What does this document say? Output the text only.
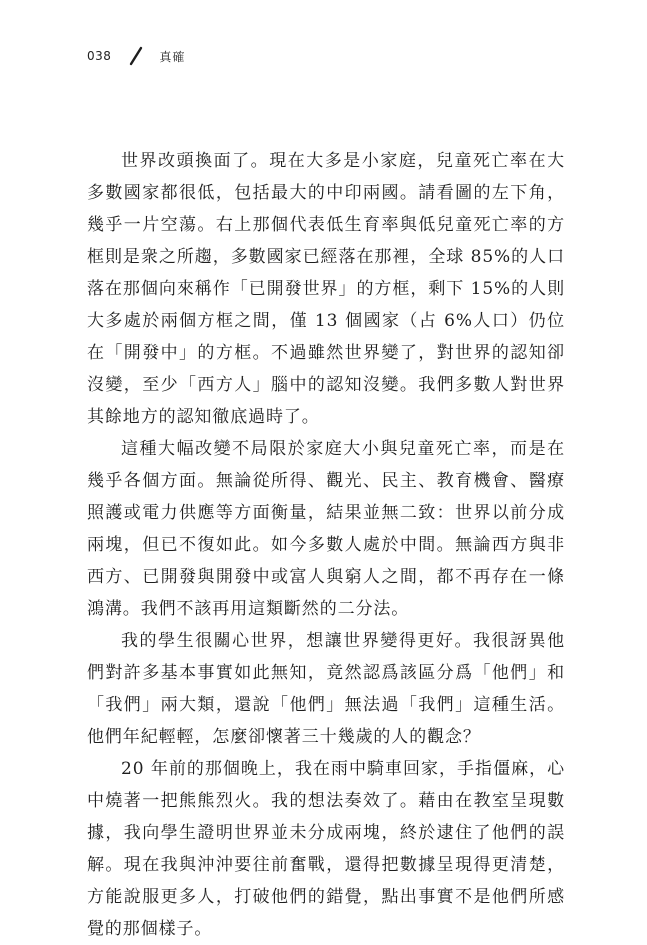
038	真確

世界改頭換面了。現在大多是小家庭，兒童死亡率在大多數國家都很低，包括最大的中印兩國。請看圖的左下角，幾乎一片空蕩。右上那個代表低生育率與低兒童死亡率的方框則是衆之所趨，多數國家已經落在那裡，全球 85%的人口落在那個向來稱作「已開發世界」的方框，剩下 15%的人則大多處於兩個方框之間，僅 13 個國家（占 6%人口）仍位在「開發中」的方框。不過雖然世界變了，對世界的認知卻沒變，至少「西方人」腦中的認知沒變。我們多數人對世界其餘地方的認知徹底過時了。

這種大幅改變不局限於家庭大小與兒童死亡率，而是在幾乎各個方面。無論從所得、觀光、民主、教育機會、醫療照護或電力供應等方面衡量，結果並無二致：世界以前分成兩塊，但已不復如此。如今多數人處於中間。無論西方與非西方、已開發與開發中或富人與窮人之間，都不再存在一條鴻溝。我們不該再用這類斷然的二分法。

我的學生很關心世界，想讓世界變得更好。我很訝異他們對許多基本事實如此無知，竟然認爲該區分爲「他們」和「我們」兩大類，還說「他們」無法過「我們」這種生活。他們年紀輕輕，怎麼卻懷著三十幾歲的人的觀念？

20 年前的那個晚上，我在雨中騎車回家，手指僵麻，心中燒著一把熊熊烈火。我的想法奏效了。藉由在教室呈現數據，我向學生證明世界並未分成兩塊，終於逮住了他們的誤解。現在我與沖沖要往前奮戰，還得把數據呈現得更清楚，方能說服更多人，打破他們的錯覺，點出事實不是他們所感覺的那個樣子。
